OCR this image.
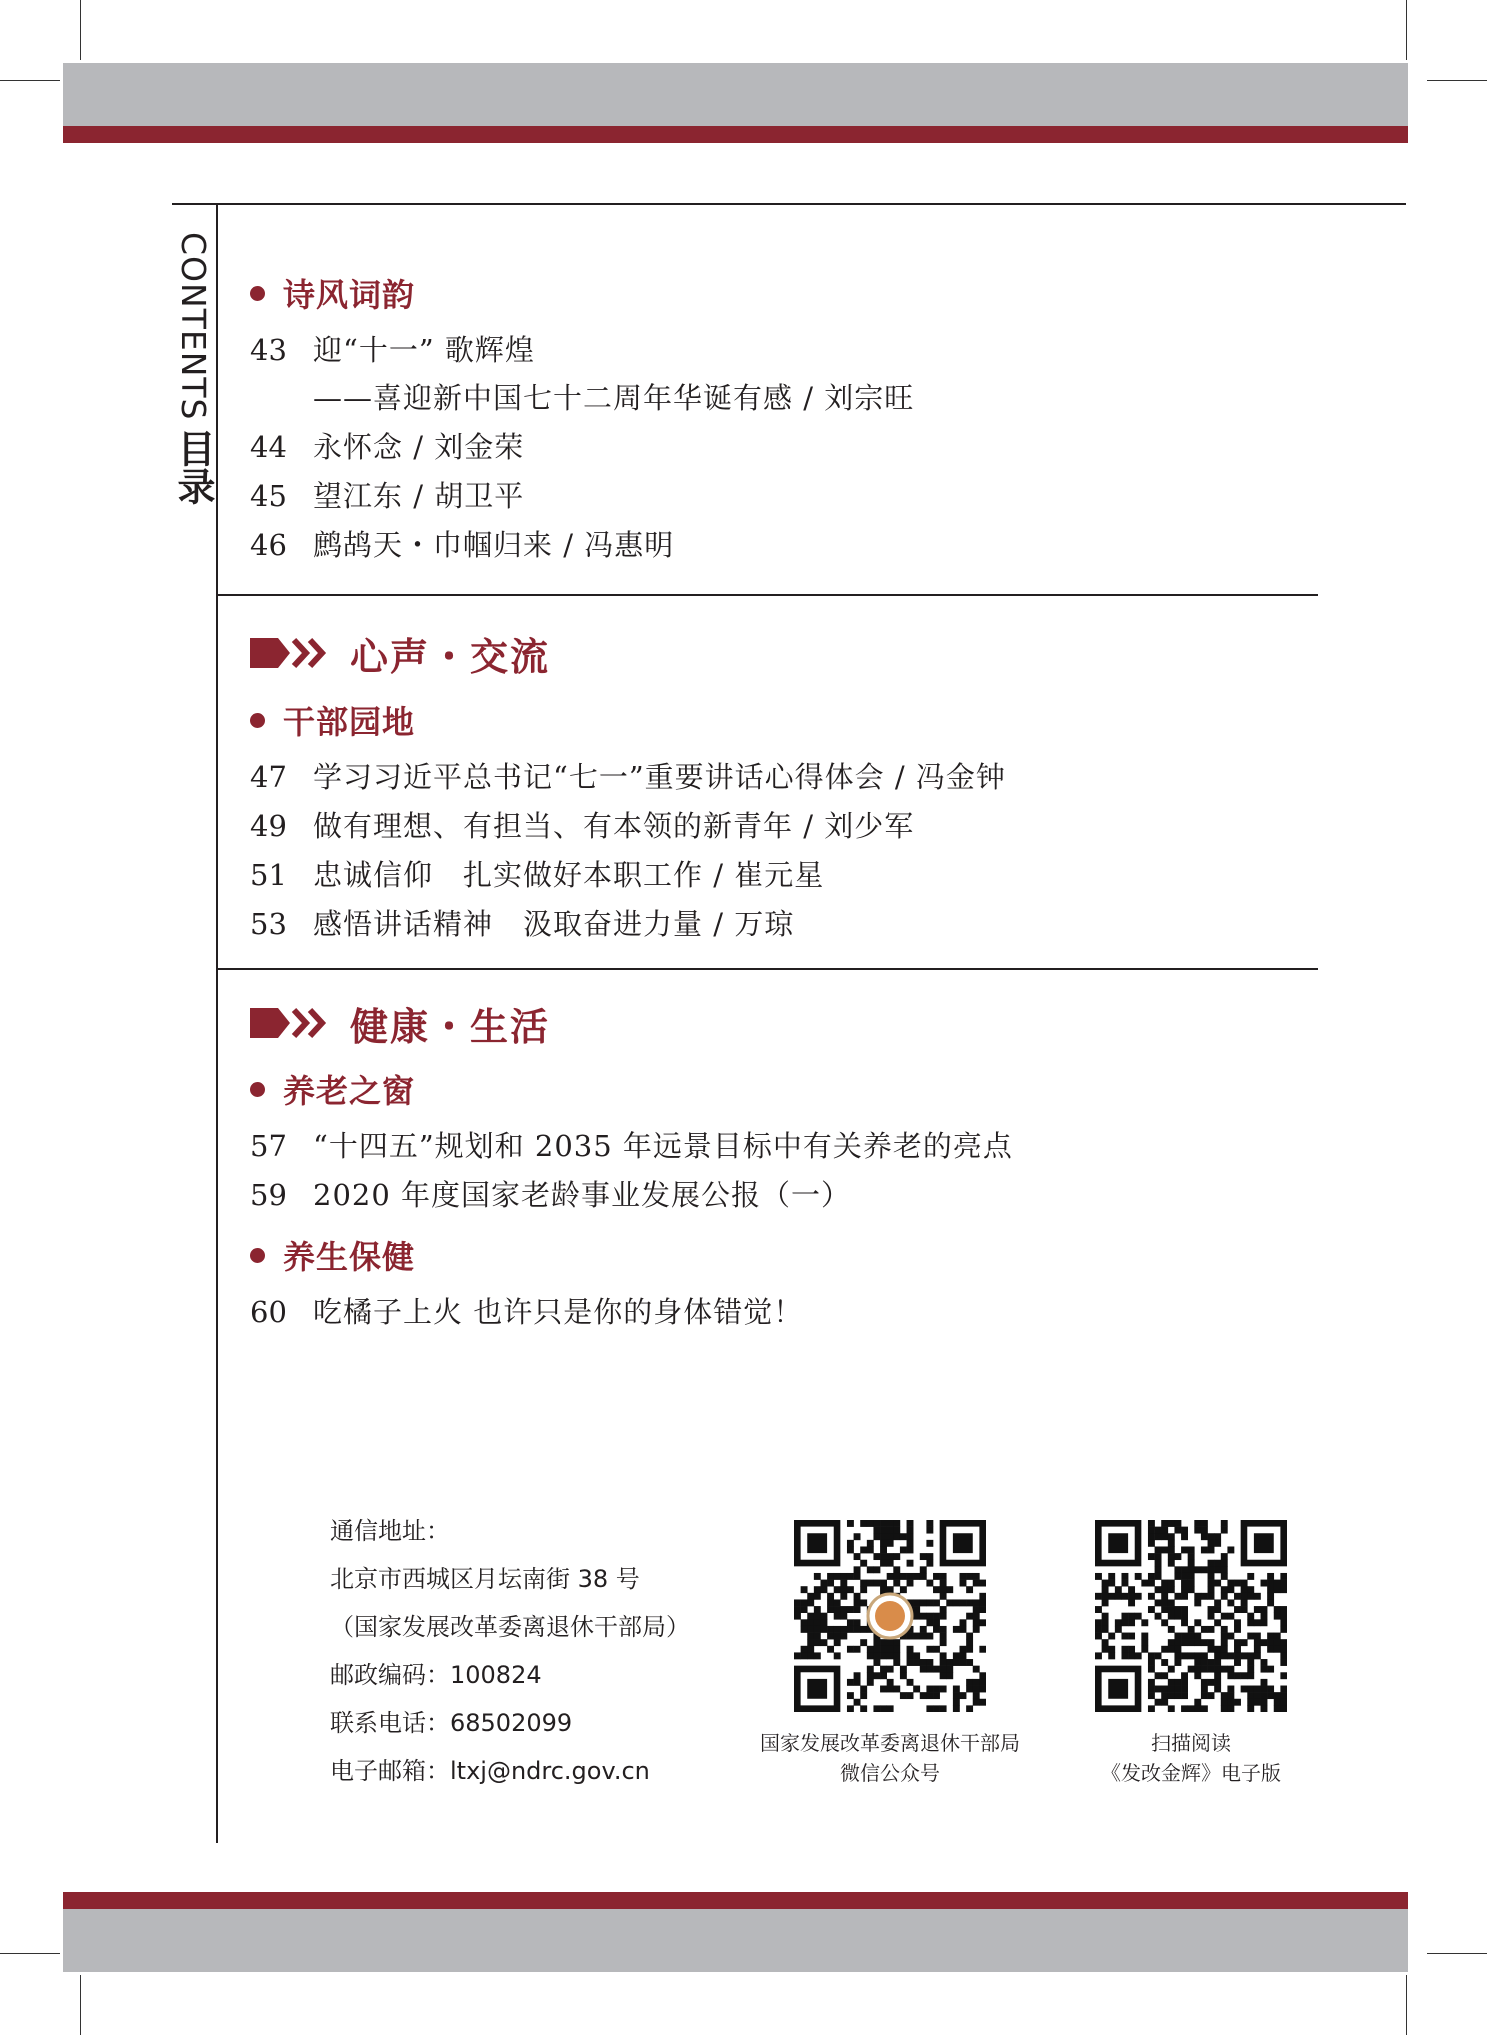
CONTENTS目录
诗风词韵
43 迎“十一” 歌辉煌
——喜迎新中国七十二周年华诞有感 / 刘宗旺
44 永怀念 / 刘金荣
45 望江东 / 胡卫平
46 鹧鸪天・巾帼归来 / 冯惠明
心声・交流
干部园地
47 学习习近平总书记“七一”重要讲话心得体会 / 冯金钟
49 做有理想、有担当、有本领的新青年 / 刘少军
51 忠诚信仰　扎实做好本职工作 / 崔元星
53 感悟讲话精神　汲取奋进力量 / 万琼
健康・生活
养老之窗
57 “十四五”规划和 2035 年远景目标中有关养老的亮点
59 2020 年度国家老龄事业发展公报（一）
养生保健
60 吃橘子上火 也许只是你的身体错觉！
通信地址：
北京市西城区月坛南街 38 号
（国家发展改革委离退休干部局）
邮政编码：100824
联系电话：68502099
电子邮箱：ltxj@ndrc.gov.cn
国家发展改革委离退休干部局
微信公众号
扫描阅读
《发改金辉》电子版
